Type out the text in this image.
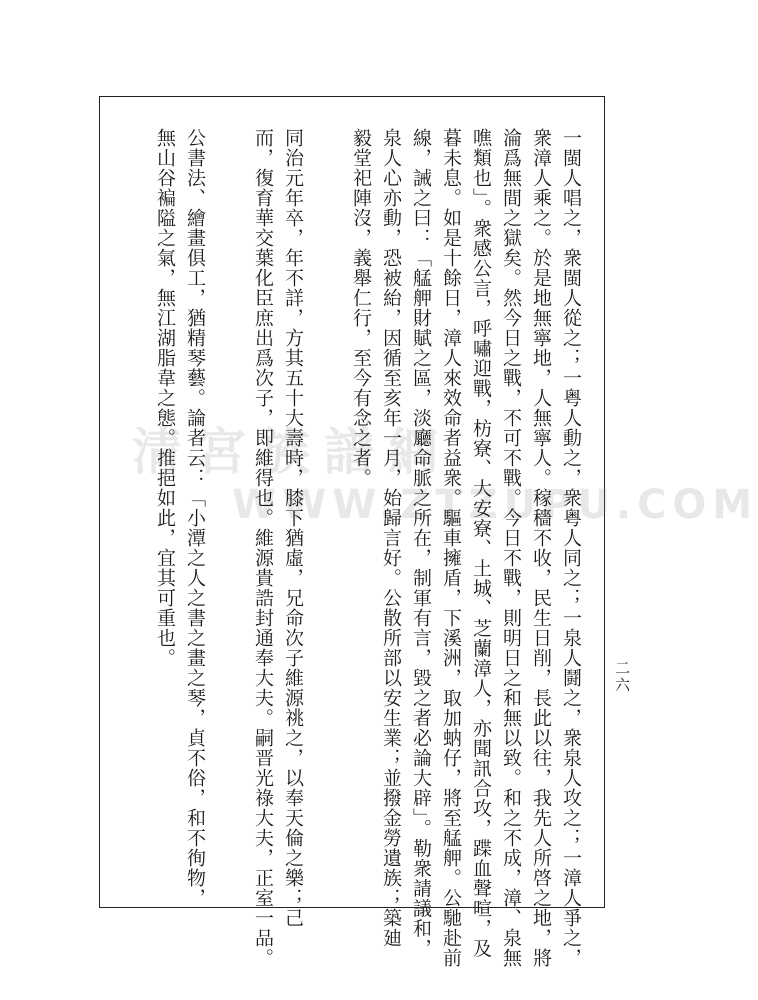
清宮族譜網
WWW.ZTZUPU.COM
一閩人唱之，衆閩人從之；一粤人動之，衆粤人同之；一泉人鬪之，衆泉人攻之；一漳人爭之，
衆漳人乘之。於是地無寧地，人無寧人。稼穡不收，民生日削，長此以往，我先人所啓之地，將
淪爲無間之獄矣。然今日之戰，不可不戰。今日不戰，則明日之和無以致。和之不成，漳、泉無
噍類也」。衆感公言，呼嘯迎戰，枋寮、大安寮、土城、芝蘭漳人，亦聞訊合攻，蹀血聲喧，及
暮未息。如是十餘日，漳人來效命者益衆。驅車擁盾，下溪洲，取加蚋仔，將至艋舺。公馳赴前
線，誡之曰：「艋舺財賦之區，淡廳命脈之所在，制軍有言，毀之者必論大辟」。勒衆請議和，
泉人心亦動，恐被紿，因循至亥年一月，始歸言好。公散所部以安生業；並撥金勞遺族；築廸
毅堂祀陣沒，義舉仁行，至今有念之者。
同治元年卒，年不詳，方其五十大壽時，膝下猶虛，兄命次子維源祧之，以奉天倫之樂；己
而，復育華交葉化臣庶出爲次子，即維得也。維源貴誥封通奉大夫。嗣晋光祿大夫，正室一品。
公書法、繪畫俱工，猶精琴藝。論者云：「小潭之人之書之畫之琴，貞不俗，和不徇物，
無山谷褊隘之氣，無江湖脂韋之態。推挹如此，宜其可重也。
二六
